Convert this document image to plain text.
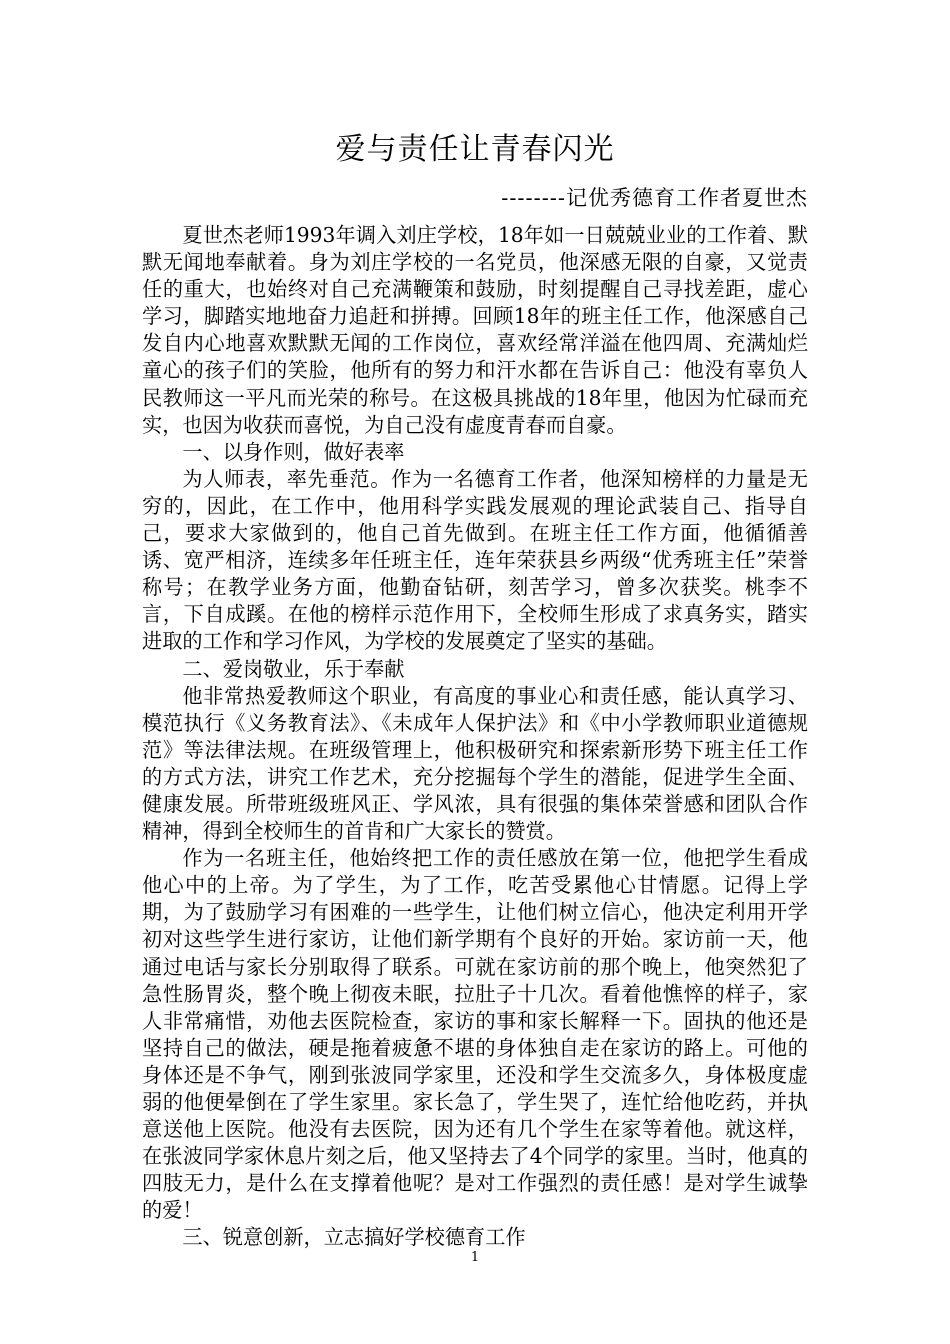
爱与责任让青春闪光
--------记优秀德育工作者夏世杰

夏世杰老师1993年调入刘庄学校，18年如一日兢兢业业的工作着、默默无闻地奉献着。身为刘庄学校的一名党员，他深感无限的自豪，又觉责任的重大，也始终对自己充满鞭策和鼓励，时刻提醒自己寻找差距，虚心学习，脚踏实地地奋力追赶和拼搏。回顾18年的班主任工作，他深感自己发自内心地喜欢默默无闻的工作岗位，喜欢经常洋溢在他四周、充满灿烂童心的孩子们的笑脸，他所有的努力和汗水都在告诉自己：他没有辜负人民教师这一平凡而光荣的称号。在这极具挑战的18年里，他因为忙碌而充实，也因为收获而喜悦，为自己没有虚度青春而自豪。

一、以身作则，做好表率

为人师表，率先垂范。作为一名德育工作者，他深知榜样的力量是无穷的，因此，在工作中，他用科学实践发展观的理论武装自己、指导自己，要求大家做到的，他自己首先做到。在班主任工作方面，他循循善诱、宽严相济，连续多年任班主任，连年荣获县乡两级“优秀班主任”荣誉称号；在教学业务方面，他勤奋钻研，刻苦学习，曾多次获奖。桃李不言，下自成蹊。在他的榜样示范作用下，全校师生形成了求真务实，踏实进取的工作和学习作风，为学校的发展奠定了坚实的基础。

二、爱岗敬业，乐于奉献

他非常热爱教师这个职业，有高度的事业心和责任感，能认真学习、模范执行《义务教育法》、《未成年人保护法》和《中小学教师职业道德规范》等法律法规。在班级管理上，他积极研究和探索新形势下班主任工作的方式方法，讲究工作艺术，充分挖掘每个学生的潜能，促进学生全面、健康发展。所带班级班风正、学风浓，具有很强的集体荣誉感和团队合作精神，得到全校师生的首肯和广大家长的赞赏。

作为一名班主任，他始终把工作的责任感放在第一位，他把学生看成他心中的上帝。为了学生，为了工作，吃苦受累他心甘情愿。记得上学期，为了鼓励学习有困难的一些学生，让他们树立信心，他决定利用开学初对这些学生进行家访，让他们新学期有个良好的开始。家访前一天，他通过电话与家长分别取得了联系。可就在家访前的那个晚上，他突然犯了急性肠胃炎，整个晚上彻夜未眠，拉肚子十几次。看着他憔悴的样子，家人非常痛惜，劝他去医院检查，家访的事和家长解释一下。固执的他还是坚持自己的做法，硬是拖着疲惫不堪的身体独自走在家访的路上。可他的身体还是不争气，刚到张波同学家里，还没和学生交流多久，身体极度虚弱的他便晕倒在了学生家里。家长急了，学生哭了，连忙给他吃药，并执意送他上医院。他没有去医院，因为还有几个学生在家等着他。就这样，在张波同学家休息片刻之后，他又坚持去了4个同学的家里。当时，他真的四肢无力，是什么在支撑着他呢？是对工作强烈的责任感！是对学生诚挚的爱！

三、锐意创新，立志搞好学校德育工作

1
